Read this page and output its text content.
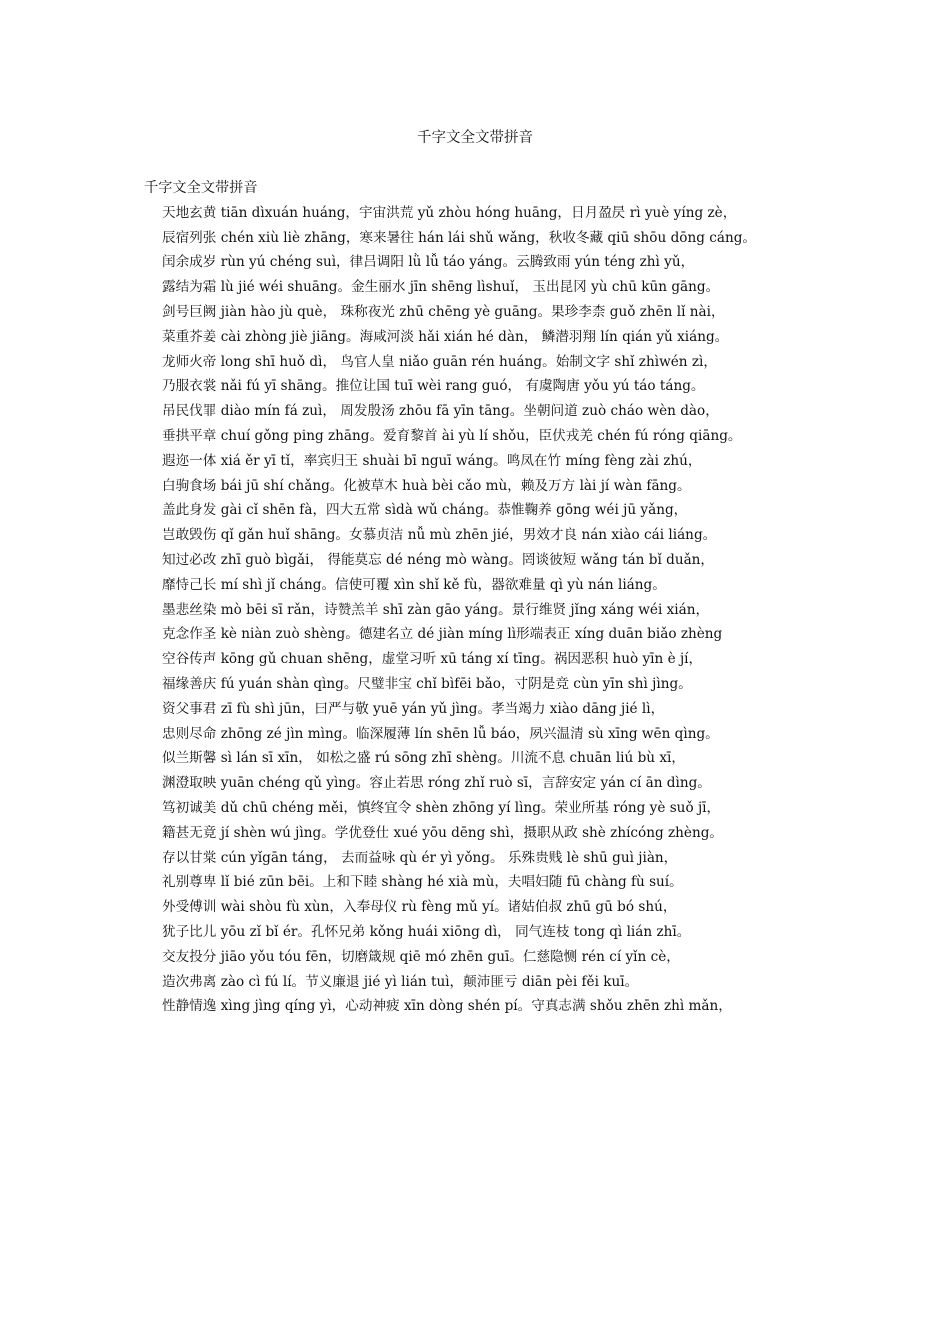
千字文全文带拼音

千字文全文带拼音

天地玄黄 tiān dìxuán huáng，宇宙洪荒 yǔ zhòu hóng huāng，日月盈昃 rì yuè yíng zè，

辰宿列张 chén xiù liè zhāng，寒来暑往 hán lái shǔ wǎng，秋收冬藏 qiū shōu dōng cáng。

闰余成岁 rùn yú chéng suì，律吕调阳 lǜ lǚ táo yáng。云腾致雨 yún téng zhì yǔ，

露结为霜 lù jié wéi shuāng。金生丽水 jīn shēng lìshuǐ， 玉出昆冈 yù chū kūn gāng。

剑号巨阙 jiàn hào jù què， 珠称夜光 zhū chēng yè guāng。果珍李柰 guǒ zhēn lǐ nài，

菜重芥姜 cài zhòng jiè jiāng。海咸河淡 hǎi xián hé dàn， 鳞潜羽翔 lín qián yǔ xiáng。

龙师火帝 long shī huǒ dì， 鸟官人皇 niǎo guān rén huáng。始制文字 shǐ zhìwén zì，

乃服衣裳 nǎi fú yī shāng。推位让国 tuī wèi rang guó， 有虞陶唐 yǒu yú táo táng。

吊民伐罪 diào mín fá zuì， 周发殷汤 zhōu fā yīn tāng。坐朝问道 zuò cháo wèn dào，

垂拱平章 chuí gǒng ping zhāng。爱育黎首 ài yù lí shǒu，臣伏戎羌 chén fú róng qiāng。

遐迩一体 xiá ěr yī tǐ，率宾归王 shuài bī nguī wáng。鸣凤在竹 míng fèng zài zhú，

白驹食场 bái jū shí chǎng。化被草木 huà bèi cǎo mù，赖及万方 lài jí wàn fāng。

盖此身发 gài cǐ shēn fà，四大五常 sìdà wǔ cháng。恭惟鞠养 gōng wéi jū yǎng，

岂敢毁伤 qǐ gǎn huǐ shāng。女慕贞洁 nǚ mù zhēn jié，男效才良 nán xiào cái liáng。

知过必改 zhī guò bìgǎi， 得能莫忘 dé néng mò wàng。罔谈彼短 wǎng tán bǐ duǎn，

靡恃己长 mí shì jǐ cháng。信使可覆 xìn shǐ kě fù，器欲难量 qì yù nán liáng。

墨悲丝染 mò bēi sī rǎn，诗赞羔羊 shī zàn gāo yáng。景行维贤 jǐng xáng wéi xián，

克念作圣 kè niàn zuò shèng。德建名立 dé jiàn míng lì形端表正 xíng duān biǎo zhèng

空谷传声 kōng gǔ chuan shēng，虚堂习听 xū táng xí tīng。祸因恶积 huò yīn è jí，

福缘善庆 fú yuán shàn qìng。尺璧非宝 chǐ bìfēi bǎo，寸阴是竞 cùn yīn shì jìng。

资父事君 zī fù shì jūn，曰严与敬 yuē yán yǔ jìng。孝当竭力 xiào dāng jié lì，

忠则尽命 zhōng zé jìn mìng。临深履薄 lín shēn lǚ báo，夙兴温清 sù xīng wēn qìng。

似兰斯馨 sì lán sī xīn， 如松之盛 rú sōng zhī shèng。川流不息 chuān liú bù xī，

渊澄取映 yuān chéng qǔ yìng。容止若思 róng zhǐ ruò sī，言辞安定 yán cí ān dìng。

笃初诚美 dǔ chū chéng měi，慎终宜令 shèn zhōng yí lìng。荣业所基 róng yè suǒ jī，

籍甚无竟 jí shèn wú jìng。学优登仕 xué yōu dēng shì，摄职从政 shè zhícóng zhèng。

存以甘棠 cún yǐgān táng， 去而益咏 qù ér yì yǒng。 乐殊贵贱 lè shū guì jiàn，

礼别尊卑 lǐ bié zūn bēi。上和下睦 shàng hé xià mù，夫唱妇随 fū chàng fù suí。

外受傅训 wài shòu fù xùn，入奉母仪 rù fèng mǔ yí。诸姑伯叔 zhū gū bó shú，

犹子比儿 yōu zǐ bǐ ér。孔怀兄弟 kǒng huái xiōng dì， 同气连枝 tong qì lián zhī。

交友投分 jiāo yǒu tóu fēn，切磨箴规 qiē mó zhēn guī。仁慈隐恻 rén cí yǐn cè，

造次弗离 zào cì fú lí。节义廉退 jié yì lián tuì，颠沛匪亏 diān pèi fěi kuī。

性静情逸 xìng jìng qíng yì，心动神疲 xīn dòng shén pí。守真志满 shǒu zhēn zhì mǎn，
